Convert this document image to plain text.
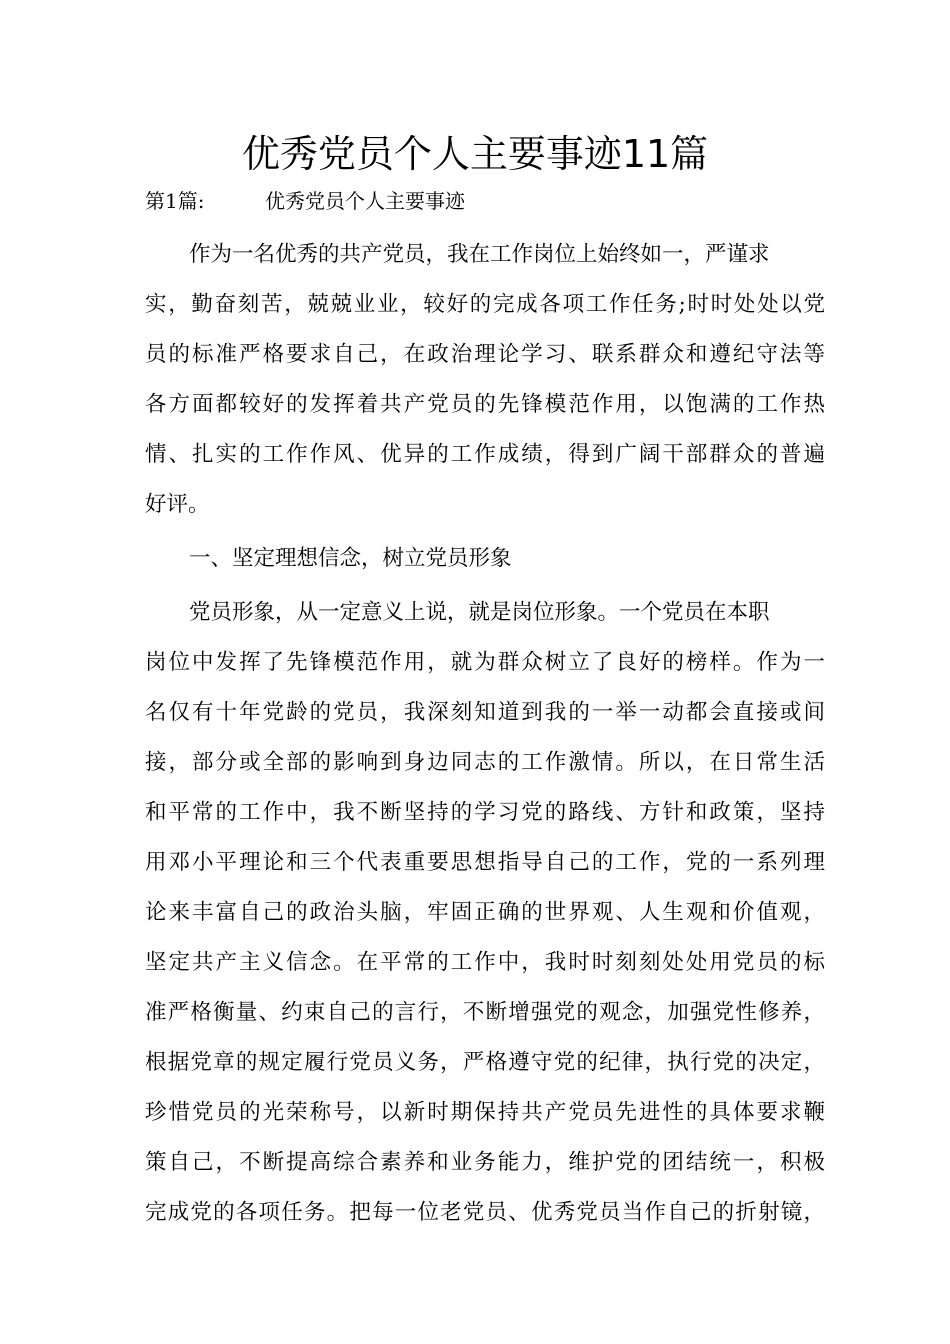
优秀党员个人主要事迹11篇
第1篇:	优秀党员个人主要事迹
作为一名优秀的共产党员，我在工作岗位上始终如一，严谨求
实，勤奋刻苦，兢兢业业，较好的完成各项工作任务;时时处处以党
员的标准严格要求自己，在政治理论学习、联系群众和遵纪守法等
各方面都较好的发挥着共产党员的先锋模范作用，以饱满的工作热
情、扎实的工作作风、优异的工作成绩，得到广阔干部群众的普遍
好评。
一、坚定理想信念，树立党员形象
党员形象，从一定意义上说，就是岗位形象。一个党员在本职
岗位中发挥了先锋模范作用，就为群众树立了良好的榜样。作为一
名仅有十年党龄的党员，我深刻知道到我的一举一动都会直接或间
接，部分或全部的影响到身边同志的工作激情。所以，在日常生活
和平常的工作中，我不断坚持的学习党的路线、方针和政策，坚持
用邓小平理论和三个代表重要思想指导自己的工作，党的一系列理
论来丰富自己的政治头脑，牢固正确的世界观、人生观和价值观，
坚定共产主义信念。在平常的工作中，我时时刻刻处处用党员的标
准严格衡量、约束自己的言行，不断增强党的观念，加强党性修养，
根据党章的规定履行党员义务，严格遵守党的纪律，执行党的决定，
珍惜党员的光荣称号，以新时期保持共产党员先进性的具体要求鞭
策自己，不断提高综合素养和业务能力，维护党的团结统一，积极
完成党的各项任务。把每一位老党员、优秀党员当作自己的折射镜，
